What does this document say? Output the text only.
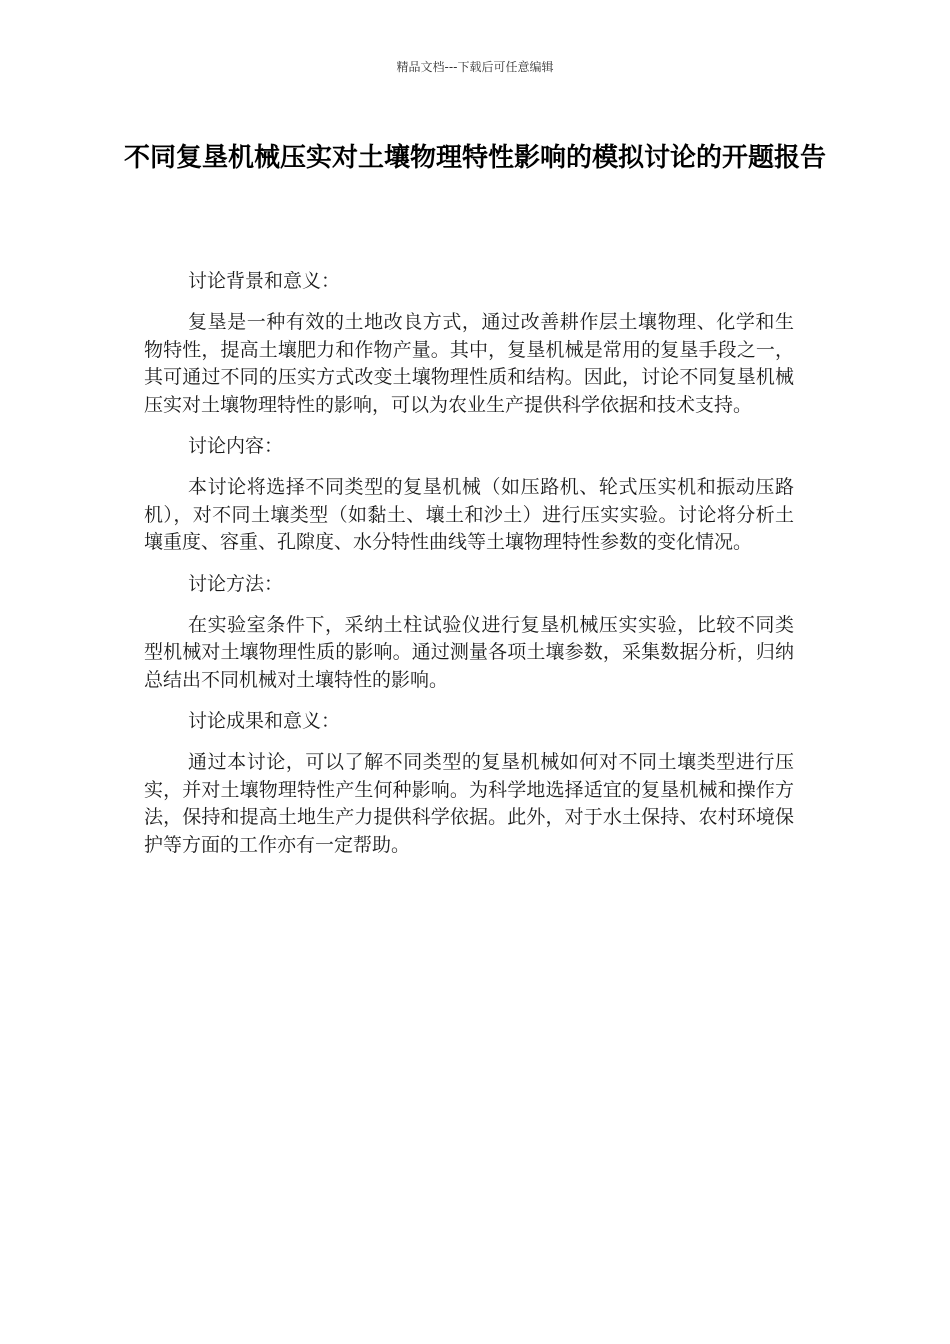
精品文档---下载后可任意编辑
不同复垦机械压实对土壤物理特性影响的模拟讨论的开题报告

讨论背景和意义：

复垦是一种有效的土地改良方式，通过改善耕作层土壤物理、化学和生物特性，提高土壤肥力和作物产量。其中，复垦机械是常用的复垦手段之一，其可通过不同的压实方式改变土壤物理性质和结构。因此，讨论不同复垦机械压实对土壤物理特性的影响，可以为农业生产提供科学依据和技术支持。

讨论内容：

本讨论将选择不同类型的复垦机械（如压路机、轮式压实机和振动压路机），对不同土壤类型（如黏土、壤土和沙土）进行压实实验。讨论将分析土壤重度、容重、孔隙度、水分特性曲线等土壤物理特性参数的变化情况。

讨论方法：

在实验室条件下，采纳土柱试验仪进行复垦机械压实实验，比较不同类型机械对土壤物理性质的影响。通过测量各项土壤参数，采集数据分析，归纳总结出不同机械对土壤特性的影响。

讨论成果和意义：

通过本讨论，可以了解不同类型的复垦机械如何对不同土壤类型进行压实，并对土壤物理特性产生何种影响。为科学地选择适宜的复垦机械和操作方法，保持和提高土地生产力提供科学依据。此外，对于水土保持、农村环境保护等方面的工作亦有一定帮助。
